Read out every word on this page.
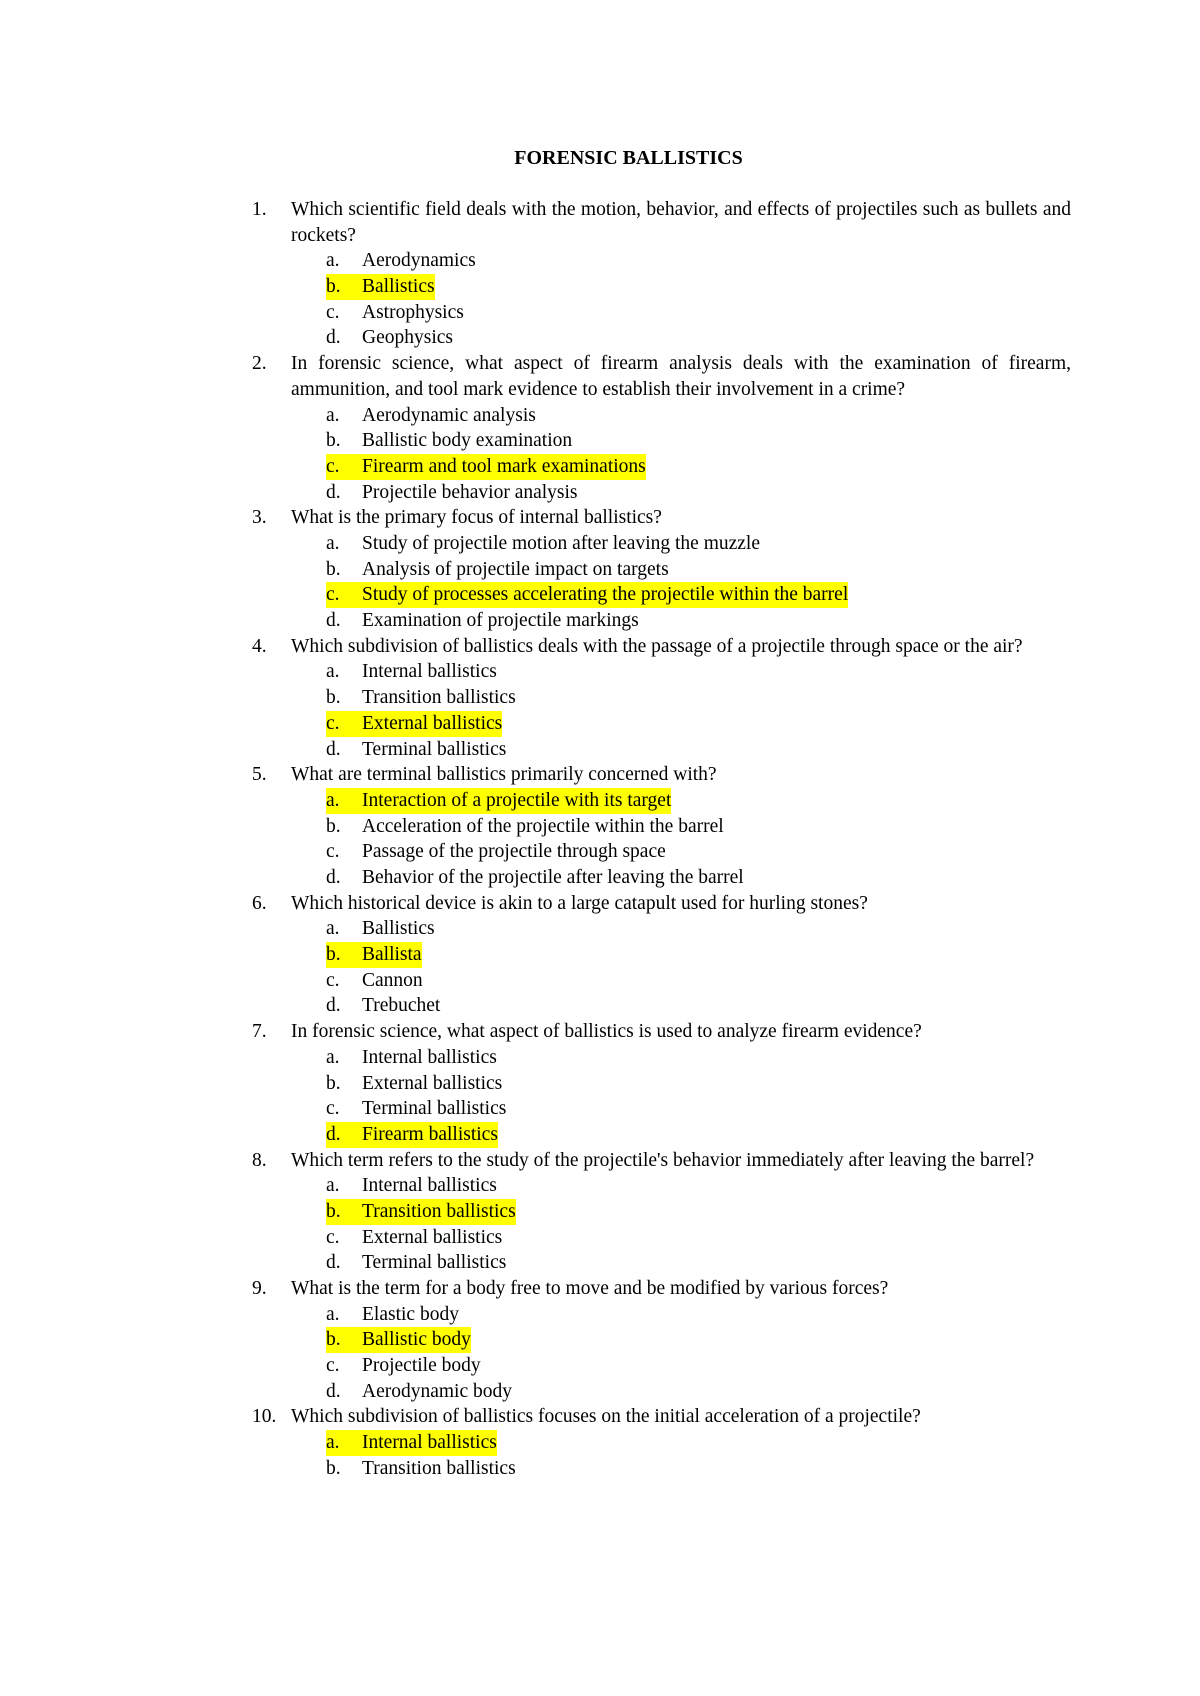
FORENSIC BALLISTICS
1.	Which scientific field deals with the motion, behavior, and effects of projectiles such as bullets and rockets?
a. Aerodynamics
b. Ballistics
c. Astrophysics
d. Geophysics
2.	In forensic science, what aspect of firearm analysis deals with the examination of firearm, ammunition, and tool mark evidence to establish their involvement in a crime?
a. Aerodynamic analysis
b. Ballistic body examination
c. Firearm and tool mark examinations
d. Projectile behavior analysis
3.	What is the primary focus of internal ballistics?
a. Study of projectile motion after leaving the muzzle
b. Analysis of projectile impact on targets
c. Study of processes accelerating the projectile within the barrel
d. Examination of projectile markings
4.	Which subdivision of ballistics deals with the passage of a projectile through space or the air?
a. Internal ballistics
b. Transition ballistics
c. External ballistics
d. Terminal ballistics
5.	What are terminal ballistics primarily concerned with?
a. Interaction of a projectile with its target
b. Acceleration of the projectile within the barrel
c. Passage of the projectile through space
d. Behavior of the projectile after leaving the barrel
6.	Which historical device is akin to a large catapult used for hurling stones?
a. Ballistics
b. Ballista
c. Cannon
d. Trebuchet
7.	In forensic science, what aspect of ballistics is used to analyze firearm evidence?
a. Internal ballistics
b. External ballistics
c. Terminal ballistics
d. Firearm ballistics
8.	Which term refers to the study of the projectile's behavior immediately after leaving the barrel?
a. Internal ballistics
b. Transition ballistics
c. External ballistics
d. Terminal ballistics
9.	What is the term for a body free to move and be modified by various forces?
a. Elastic body
b. Ballistic body
c. Projectile body
d. Aerodynamic body
10. Which subdivision of ballistics focuses on the initial acceleration of a projectile?
a. Internal ballistics
b. Transition ballistics
